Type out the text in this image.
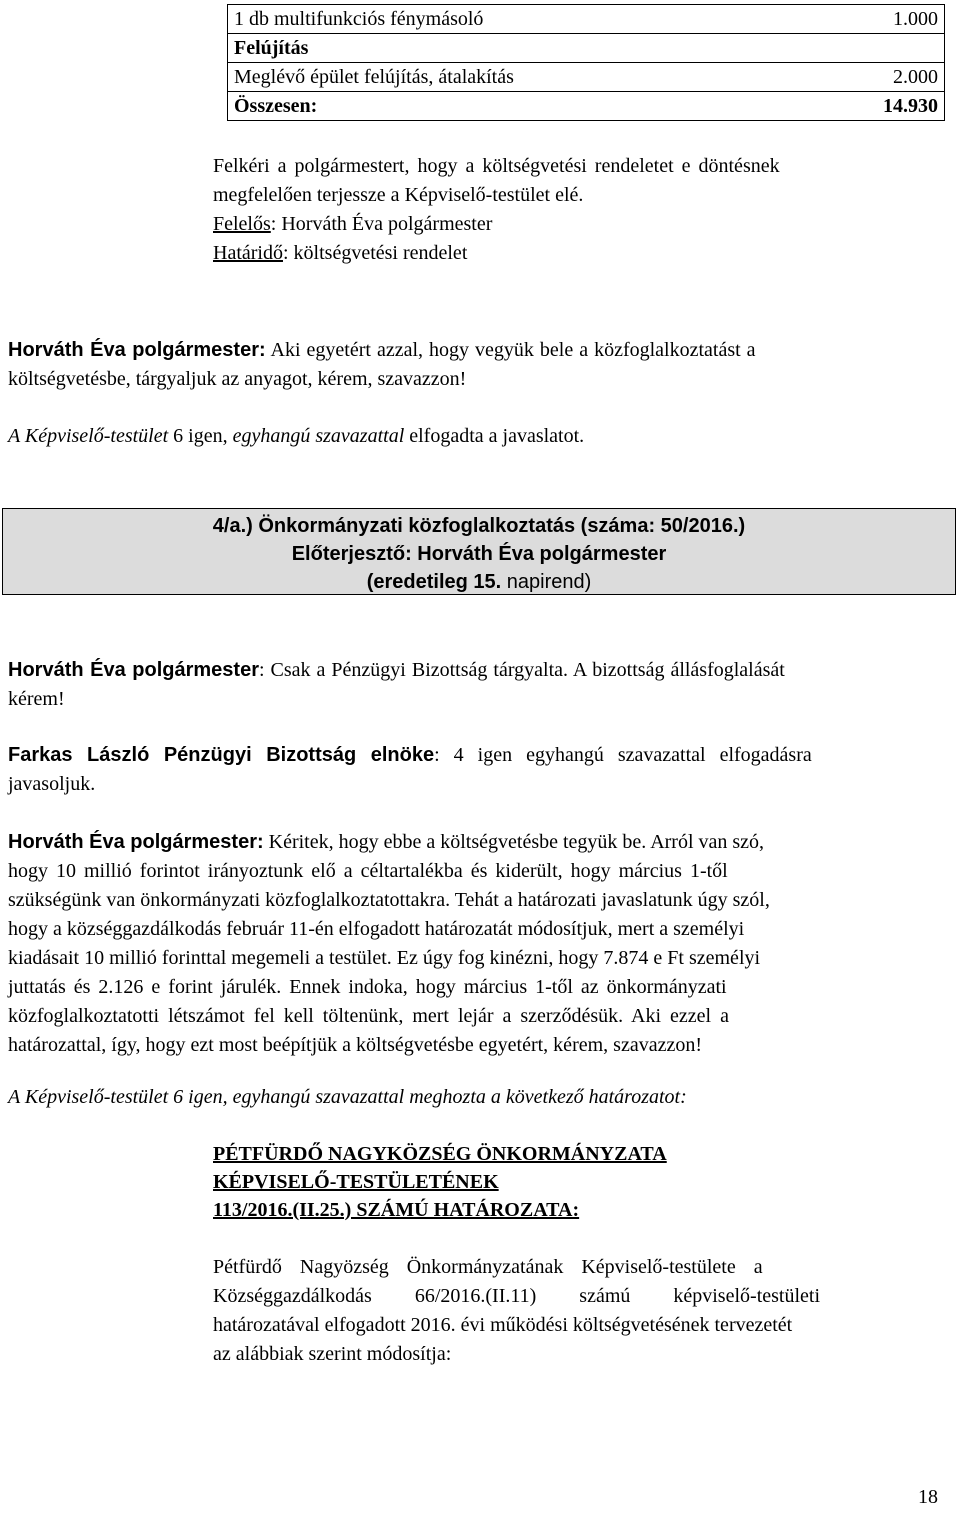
1 db multifunkciós fénymásoló	1.000
Felújítás	
Meglévő épület felújítás, átalakítás	2.000
Összesen:	14.930
Felkéri a polgármestert, hogy a költségvetési rendeletet e döntésnek
megfelelően terjessze a Képviselő-testület elé.
Felelős: Horváth Éva polgármester
Határidő: költségvetési rendelet
Horváth Éva polgármester: Aki egyetért azzal, hogy vegyük bele a közfoglalkoztatást a
költségvetésbe, tárgyaljuk az anyagot, kérem, szavazzon!
A Képviselő-testület 6 igen, egyhangú szavazattal elfogadta a javaslatot.
4/a.) Önkormányzati közfoglalkoztatás (száma: 50/2016.)
Előterjesztő: Horváth Éva polgármester
(eredetileg 15. napirend)
Horváth Éva polgármester: Csak a Pénzügyi Bizottság tárgyalta. A bizottság állásfoglalását
kérem!
Farkas László Pénzügyi Bizottság elnöke: 4 igen egyhangú szavazattal elfogadásra
javasoljuk.
Horváth Éva polgármester: Kéritek, hogy ebbe a költségvetésbe tegyük be. Arról van szó,
hogy 10 millió forintot irányoztunk elő a céltartalékba és kiderült, hogy március 1-től
szükségünk van önkormányzati közfoglalkoztatottakra. Tehát a határozati javaslatunk úgy szól,
hogy a községgazdálkodás február 11-én elfogadott határozatát módosítjuk, mert a személyi
kiadásait 10 millió forinttal megemeli a testület. Ez úgy fog kinézni, hogy 7.874 e Ft személyi
juttatás és 2.126 e forint járulék. Ennek indoka, hogy március 1-től az önkormányzati
közfoglalkoztatotti létszámot fel kell töltenünk, mert lejár a szerződésük. Aki ezzel a
határozattal, így, hogy ezt most beépítjük a költségvetésbe egyetért, kérem, szavazzon!
A Képviselő-testület 6 igen, egyhangú szavazattal meghozta a következő határozatot:
PÉTFÜRDŐ NAGYKÖZSÉG ÖNKORMÁNYZATA
KÉPVISELŐ-TESTÜLETÉNEK
113/2016.(II.25.) SZÁMÚ HATÁROZATA:
Pétfürdő Nagyözség Önkormányzatának Képviselő-testülete a
Községgazdálkodás 66/2016.(II.11) számú képviselő-testületi
határozatával elfogadott 2016. évi működési költségvetésének tervezetét
az alábbiak szerint módosítja:
18
